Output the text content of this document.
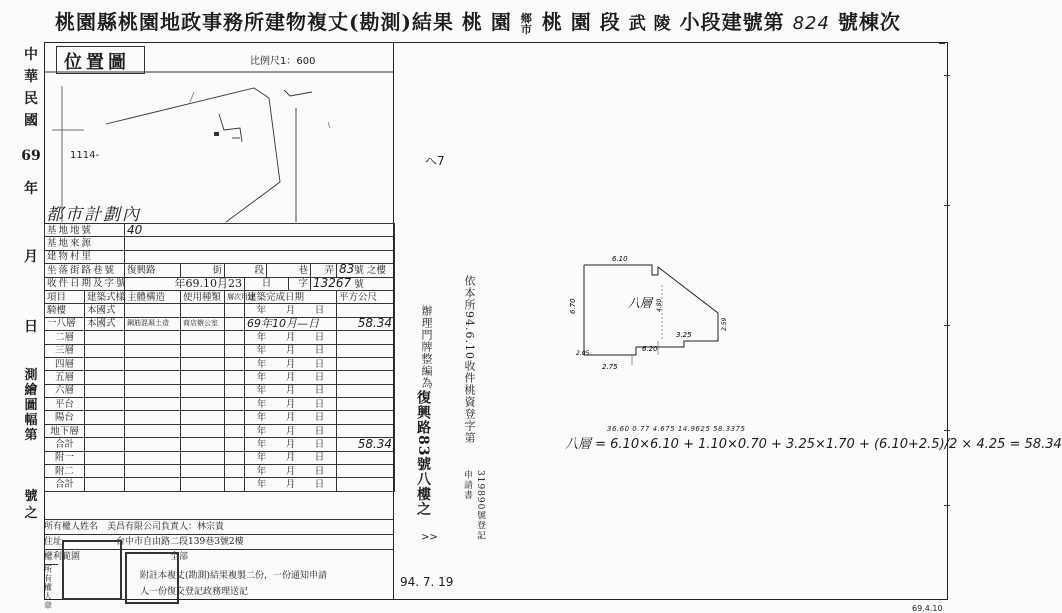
桃園縣桃園地政事務所建物複丈(勘測)結果 桃 園 鄉
市 桃 園 段 武 陵 小段建號第 824 號棟次
中
華
民
國
69
年
月
日
測繪圖幅第
號之
位置圖	比例尺1：600
1114-
都市計劃內
基地地號		40							
基地來源									
建物村里									
坐落街路巷號		復興路	街	段		巷		弄	83號 之樓
收件日期及字號		年69.10月23			日		字	13267 號	
項目	建築式樣	主體構造	使用種類	層次用途	建築完成日期				平方公尺
騎樓	本國式				年 月 日				

一八層	本國式	鋼筋混凝土造	商店辦公室		69年10月—日				58.34
二層					年 月 日				

三層					年 月 日				

四層					年 月 日				

五層					年 月 日				

六層					年 月 日				

平台					年 月 日				

陽台					年 月 日				

地下層					年 月 日				

合計					年 月 日				58.34
附一					年 月 日				

附二					年 月 日				

合計					年 月 日				

所有權人姓名　 美昌有限公司負責人：林宗貴
住址　　　　　　	台中市自由路二段139巷3號2樓
權利範圍　　　　　　　　　　	全部
所有權人章
附註本複丈(勘測)結果複製二份，一份通知申請
人一份復交登記政務理送記
依本所94.6.10收件桃資登字第
319890號登記申請書
辦理門牌整編為
復興路83號八樓之
>>
94. 7. 19
へ7
6.10
6.70	八層 4.80
3.25
2.59
6.20
2.75
2.05
36.60 0.77 4.675 14.9625 58.3375
八層 = 6.10×6.10 + 1.10×0.70 + 3.25×1.70 + (6.10+2.5)/2 × 4.25 = 58.34
69.4.10
